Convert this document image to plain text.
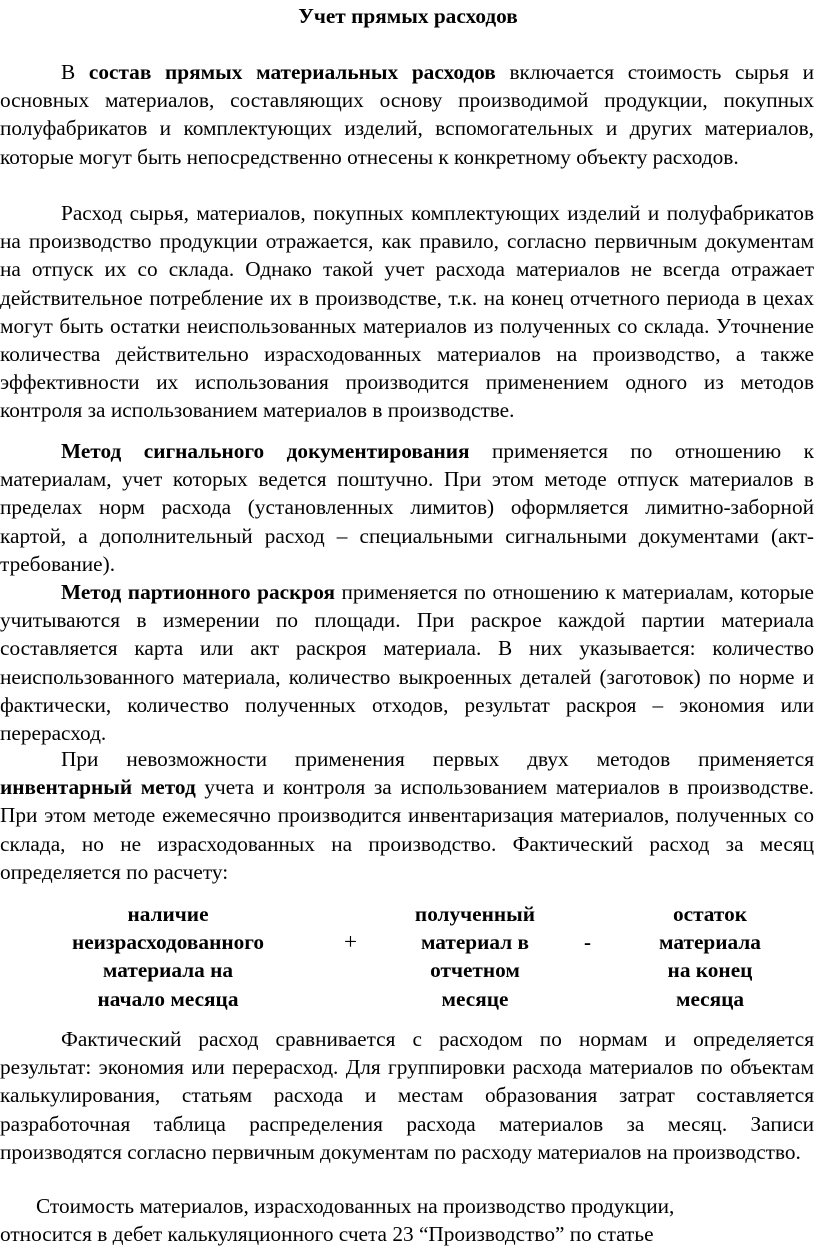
Учет прямых расходов

В состав прямых материальных расходов включается стоимость сырья и основных материалов, составляющих основу производимой продукции, покупных полуфабрикатов и комплектующих изделий, вспомогательных и других материалов, которые могут быть непосредственно отнесены к конкретному объекту расходов.

Расход сырья, материалов, покупных комплектующих изделий и полуфабрикатов на производство продукции отражается, как правило, согласно первичным документам на отпуск их со склада. Однако такой учет расхода материалов не всегда отражает действительное потребление их в производстве, т.к. на конец отчетного периода в цехах могут быть остатки неиспользованных материалов из полученных со склада. Уточнение количества действительно израсходованных материалов на производство, а также эффективности их использования производится применением одного из методов контроля за использованием материалов в производстве.

Метод сигнального документирования применяется по отношению к материалам, учет которых ведется поштучно. При этом методе отпуск материалов в пределах норм расхода (установленных лимитов) оформляется лимитно-заборной картой, а дополнительный расход – специальными сигнальными документами (акт-требование).

Метод партионного раскроя применяется по отношению к материалам, которые учитываются в измерении по площади. При раскрое каждой партии материала составляется карта или акт раскроя материала. В них указывается: количество неиспользованного материала, количество выкроенных деталей (заготовок) по норме и фактически, количество полученных отходов, результат раскроя – экономия или перерасход.

При невозможности применения первых двух методов применяется инвентарный метод учета и контроля за использованием материалов в производстве. При этом методе ежемесячно производится инвентаризация материалов, полученных со склада, но не израсходованных на производство. Фактический расход за месяц определяется по расчету:

наличие
неизрасходованного
материала на
начало месяца
+
полученный
материал в
отчетном
месяце
-
остаток
материала
на конец
месяца

Фактический расход сравнивается с расходом по нормам и определяется результат: экономия или перерасход. Для группировки расхода материалов по объектам калькулирования, статьям расхода и местам образования затрат составляется разработочная таблица распределения расхода материалов за месяц. Записи производятся согласно первичным документам по расходу материалов на производство.

Стоимость материалов, израсходованных на производство продукции,
относится в дебет калькуляционного счета 23 “Производство” по статье
